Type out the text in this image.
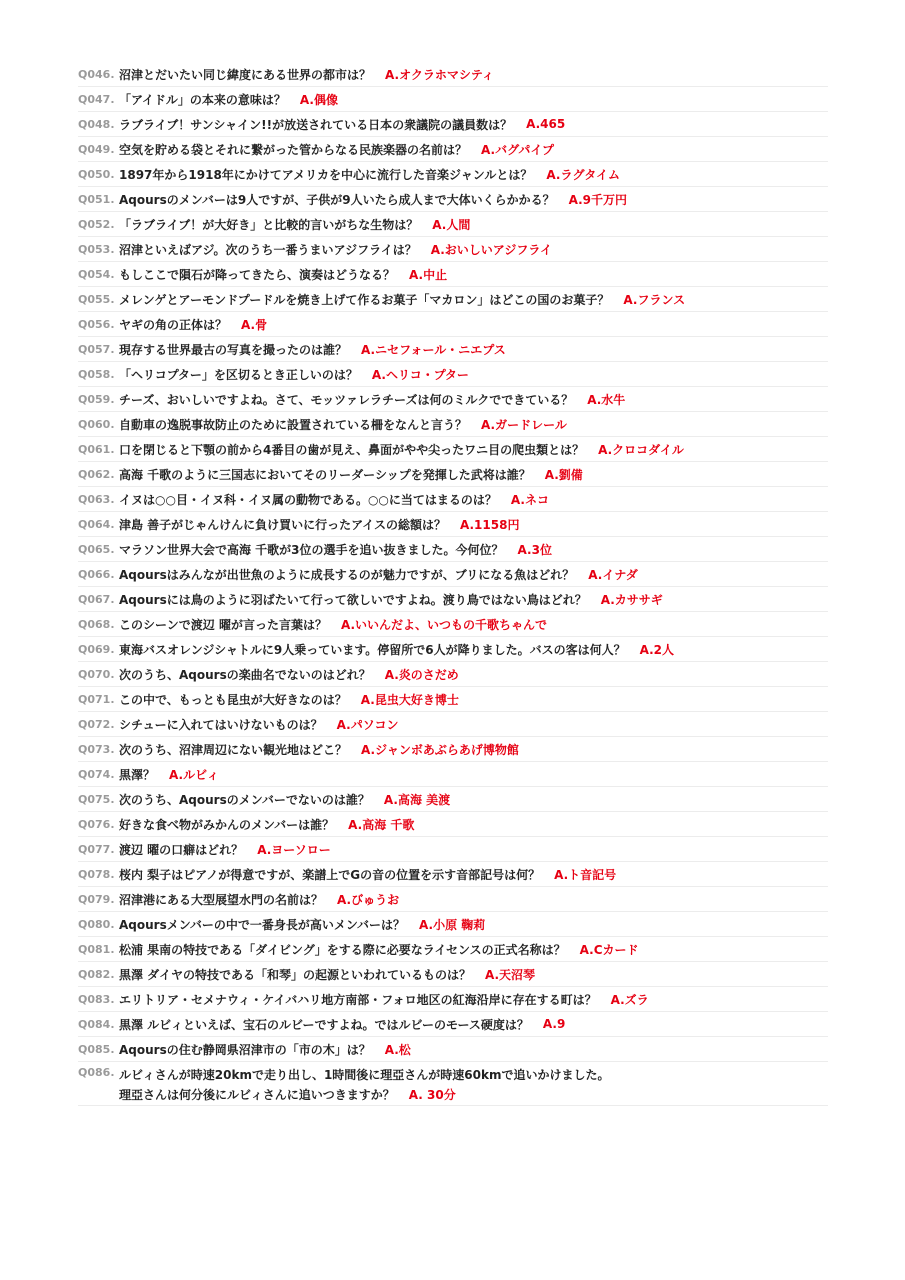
Q046. 沼津とだいたい同じ緯度にある世界の都市は？ A.オクラホマシティ
Q047. 「アイドル」の本来の意味は？ A.偶像
Q048. ラブライブ！サンシャイン!!が放送されている日本の衆議院の議員数は？ A.465
Q049. 空気を貯める袋とそれに繋がった管からなる民族楽器の名前は？ A.バグパイプ
Q050. 1897年から1918年にかけてアメリカを中心に流行した音楽ジャンルとは？ A.ラグタイム
Q051. Aqoursのメンバーは9人ですが、子供が9人いたら成人まで大体いくらかかる？ A.9千万円
Q052. 「ラブライブ！が大好き」と比較的言いがちな生物は？ A.人間
Q053. 沼津といえばアジ。次のうち一番うまいアジフライは？ A.おいしいアジフライ
Q054. もしここで隕石が降ってきたら、演奏はどうなる？ A.中止
Q055. メレンゲとアーモンドプードルを焼き上げて作るお菓子「マカロン」はどこの国のお菓子？ A.フランス
Q056. ヤギの角の正体は？ A.骨
Q057. 現存する世界最古の写真を撮ったのは誰？ A.ニセフォール・ニエプス
Q058. 「ヘリコプター」を区切るとき正しいのは？ A.ヘリコ・プター
Q059. チーズ、おいしいですよね。さて、モッツァレラチーズは何のミルクでできている？ A.水牛
Q060. 自動車の逸脱事故防止のために設置されている柵をなんと言う？ A.ガードレール
Q061. 口を閉じると下顎の前から4番目の歯が見え、鼻面がやや尖ったワニ目の爬虫類とは？ A.クロコダイル
Q062. 高海 千歌のように三国志においてそのリーダーシップを発揮した武将は誰？ A.劉備
Q063. イヌは○○目・イヌ科・イヌ属の動物である。○○に当てはまるのは？ A.ネコ
Q064. 津島 善子がじゃんけんに負け買いに行ったアイスの総額は？ A.1158円
Q065. マラソン世界大会で高海 千歌が3位の選手を追い抜きました。今何位？ A.3位
Q066. Aqoursはみんなが出世魚のように成長するのが魅力ですが、ブリになる魚はどれ？ A.イナダ
Q067. Aqoursには鳥のように羽ばたいて行って欲しいですよね。渡り鳥ではない鳥はどれ？ A.カササギ
Q068. このシーンで渡辺 曜が言った言葉は？ A.いいんだよ、いつもの千歌ちゃんで
Q069. 東海バスオレンジシャトルに9人乗っています。停留所で6人が降りました。バスの客は何人？ A.2人
Q070. 次のうち、Aqoursの楽曲名でないのはどれ？ A.炎のさだめ
Q071. この中で、もっとも昆虫が大好きなのは？ A.昆虫大好き博士
Q072. シチューに入れてはいけないものは？ A.パソコン
Q073. 次のうち、沼津周辺にない観光地はどこ？ A.ジャンボあぶらあげ博物館
Q074. 黒澤？ A.ルビィ
Q075. 次のうち、Aqoursのメンバーでないのは誰？ A.高海 美渡
Q076. 好きな食べ物がみかんのメンバーは誰？ A.高海 千歌
Q077. 渡辺 曜の口癖はどれ？ A.ヨーソロー
Q078. 桜内 梨子はピアノが得意ですが、楽譜上でGの音の位置を示す音部記号は何？ A.ト音記号
Q079. 沼津港にある大型展望水門の名前は？ A.びゅうお
Q080. Aqoursメンバーの中で一番身長が高いメンバーは？ A.小原 鞠莉
Q081. 松浦 果南の特技である「ダイビング」をする際に必要なライセンスの正式名称は？ A.Cカード
Q082. 黒澤 ダイヤの特技である「和琴」の起源といわれているものは？ A.天沼琴
Q083. エリトリア・セメナウィ・ケイバハリ地方南部・フォロ地区の紅海沿岸に存在する町は？ A.ズラ
Q084. 黒澤 ルビィといえば、宝石のルビーですよね。ではルビーのモース硬度は？ A.9
Q085. Aqoursの住む静岡県沼津市の「市の木」は？ A.松
Q086. ルビィさんが時速20kmで走り出し、1時間後に理亞さんが時速60kmで追いかけました。
理亞さんは何分後にルビィさんに追いつきますか？ A. 30分
